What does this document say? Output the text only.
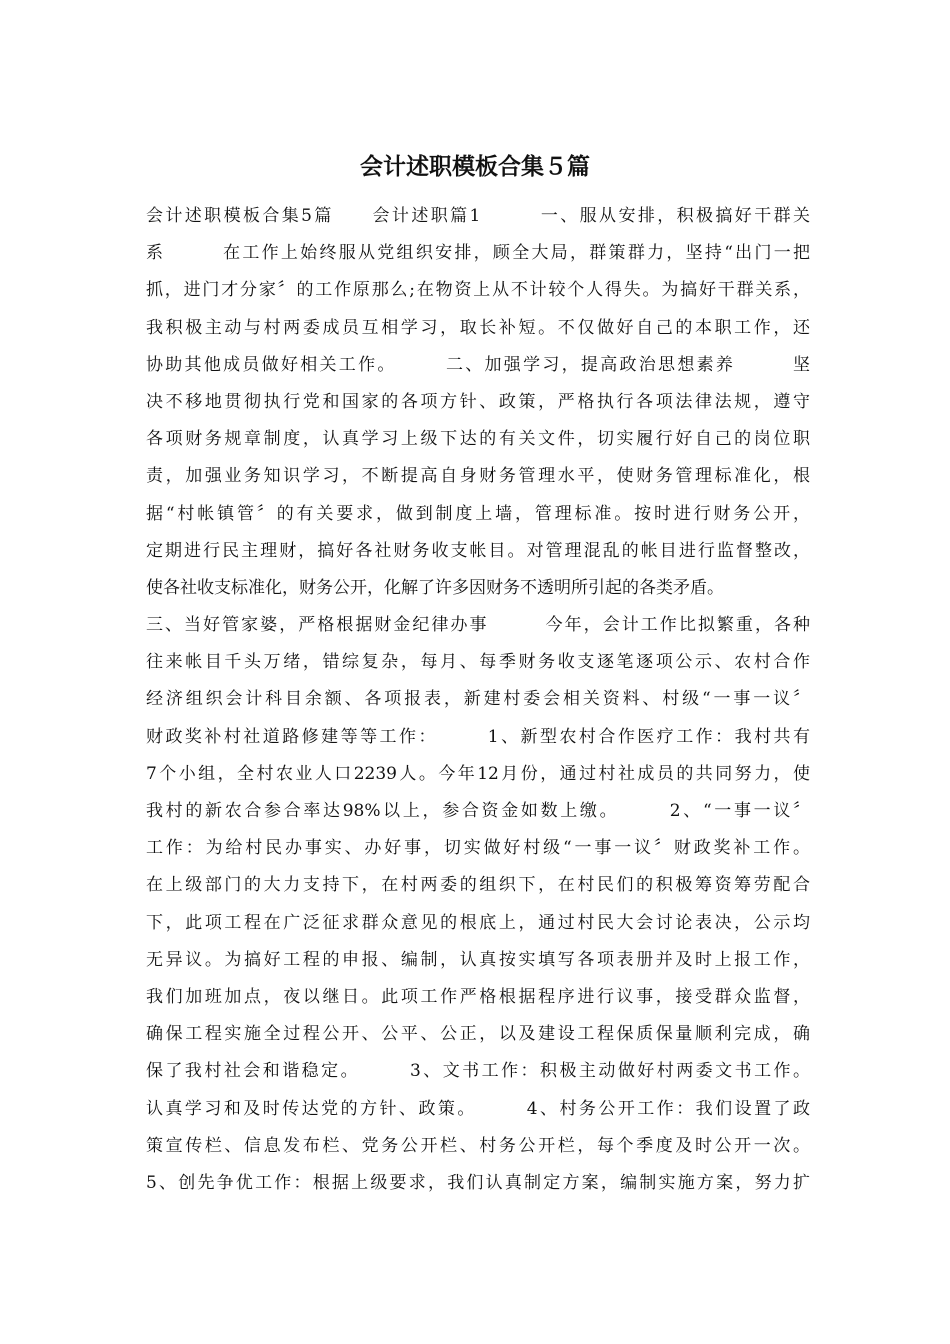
会计述职模板合集５篇
会计述职模板合集5篇　　会计述职篇1　　　一、服从安排，积极搞好干群关
系　　　在工作上始终服从党组织安排，顾全大局，群策群力，坚持“出门一把
抓，进门才分家〞的工作原那么;在物资上从不计较个人得失。为搞好干群关系，
我积极主动与村两委成员互相学习，取长补短。不仅做好自己的本职工作，还
协助其他成员做好相关工作。　　　二、加强学习，提高政治思想素养　　　坚
决不移地贯彻执行党和国家的各项方针、政策，严格执行各项法律法规，遵守
各项财务规章制度，认真学习上级下达的有关文件，切实履行好自己的岗位职
责，加强业务知识学习，不断提高自身财务管理水平，使财务管理标准化，根
据“村帐镇管〞的有关要求，做到制度上墙，管理标准。按时进行财务公开，
定期进行民主理财，搞好各社财务收支帐目。对管理混乱的帐目进行监督整改，
使各社收支标准化，财务公开，化解了许多因财务不透明所引起的各类矛盾。
三、当好管家婆，严格根据财金纪律办事　　　今年，会计工作比拟繁重，各种
往来帐目千头万绪，错综复杂，每月、每季财务收支逐笔逐项公示、农村合作
经济组织会计科目余额、各项报表，新建村委会相关资料、村级“一事一议〞
财政奖补村社道路修建等等工作：　　　1、新型农村合作医疗工作：我村共有
7个小组，全村农业人口2239人。今年12月份，通过村社成员的共同努力，使
我村的新农合参合率达98%以上，参合资金如数上缴。　　　2、“一事一议〞
工作：为给村民办事实、办好事，切实做好村级“一事一议〞财政奖补工作。
在上级部门的大力支持下，在村两委的组织下，在村民们的积极筹资筹劳配合
下，此项工程在广泛征求群众意见的根底上，通过村民大会讨论表决，公示均
无异议。为搞好工程的申报、编制，认真按实填写各项表册并及时上报工作，
我们加班加点，夜以继日。此项工作严格根据程序进行议事，接受群众监督，
确保工程实施全过程公开、公平、公正，以及建设工程保质保量顺利完成，确
保了我村社会和谐稳定。　　　3、文书工作：积极主动做好村两委文书工作。
认真学习和及时传达党的方针、政策。　　　4、村务公开工作：我们设置了政
策宣传栏、信息发布栏、党务公开栏、村务公开栏，每个季度及时公开一次。
5、创先争优工作：根据上级要求，我们认真制定方案，编制实施方案，努力扩
